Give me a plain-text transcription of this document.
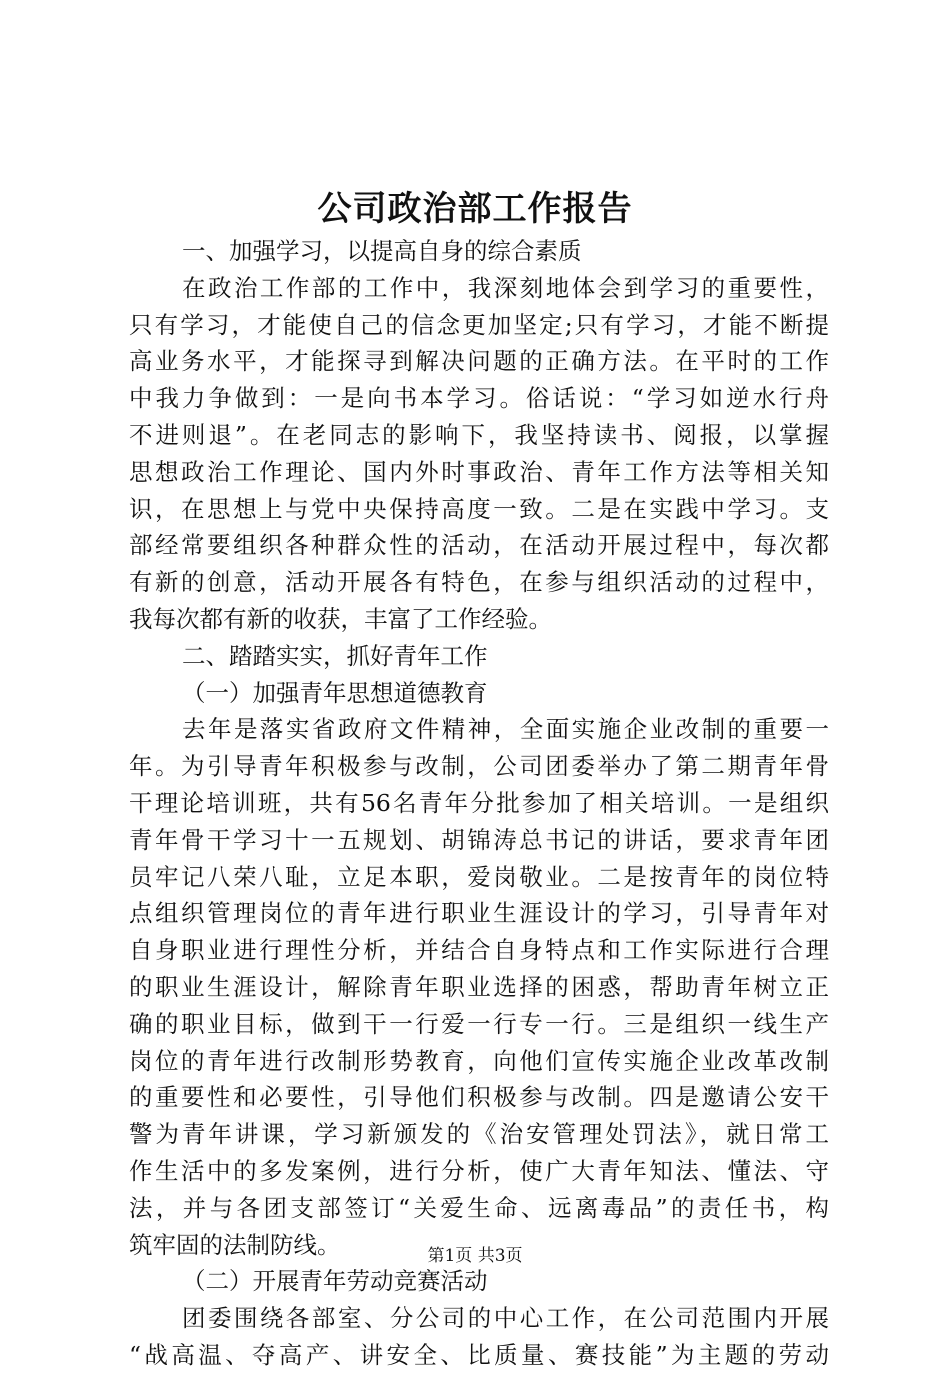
公司政治部工作报告
一、加强学习，以提高自身的综合素质
在政治工作部的工作中，我深刻地体会到学习的重要性，
只有学习，才能使自己的信念更加坚定;只有学习，才能不断提
高业务水平，才能探寻到解决问题的正确方法。在平时的工作
中我力争做到：一是向书本学习。俗话说：“学习如逆水行舟
不进则退”。在老同志的影响下，我坚持读书、阅报，以掌握
思想政治工作理论、国内外时事政治、青年工作方法等相关知
识，在思想上与党中央保持高度一致。二是在实践中学习。支
部经常要组织各种群众性的活动，在活动开展过程中，每次都
有新的创意，活动开展各有特色，在参与组织活动的过程中，
我每次都有新的收获，丰富了工作经验。
二、踏踏实实，抓好青年工作
（一）加强青年思想道德教育
去年是落实省政府文件精神，全面实施企业改制的重要一
年。为引导青年积极参与改制，公司团委举办了第二期青年骨
干理论培训班，共有56名青年分批参加了相关培训。一是组织
青年骨干学习十一五规划、胡锦涛总书记的讲话，要求青年团
员牢记八荣八耻，立足本职，爱岗敬业。二是按青年的岗位特
点组织管理岗位的青年进行职业生涯设计的学习，引导青年对
自身职业进行理性分析，并结合自身特点和工作实际进行合理
的职业生涯设计，解除青年职业选择的困惑，帮助青年树立正
确的职业目标，做到干一行爱一行专一行。三是组织一线生产
岗位的青年进行改制形势教育，向他们宣传实施企业改革改制
的重要性和必要性，引导他们积极参与改制。四是邀请公安干
警为青年讲课，学习新颁发的《治安管理处罚法》，就日常工
作生活中的多发案例，进行分析，使广大青年知法、懂法、守
法，并与各团支部签订“关爱生命、远离毒品”的责任书，构
筑牢固的法制防线。
（二）开展青年劳动竞赛活动
团委围绕各部室、分公司的中心工作，在公司范围内开展
“战高温、夺高产、讲安全、比质量、赛技能”为主题的劳动
第1页 共3页
